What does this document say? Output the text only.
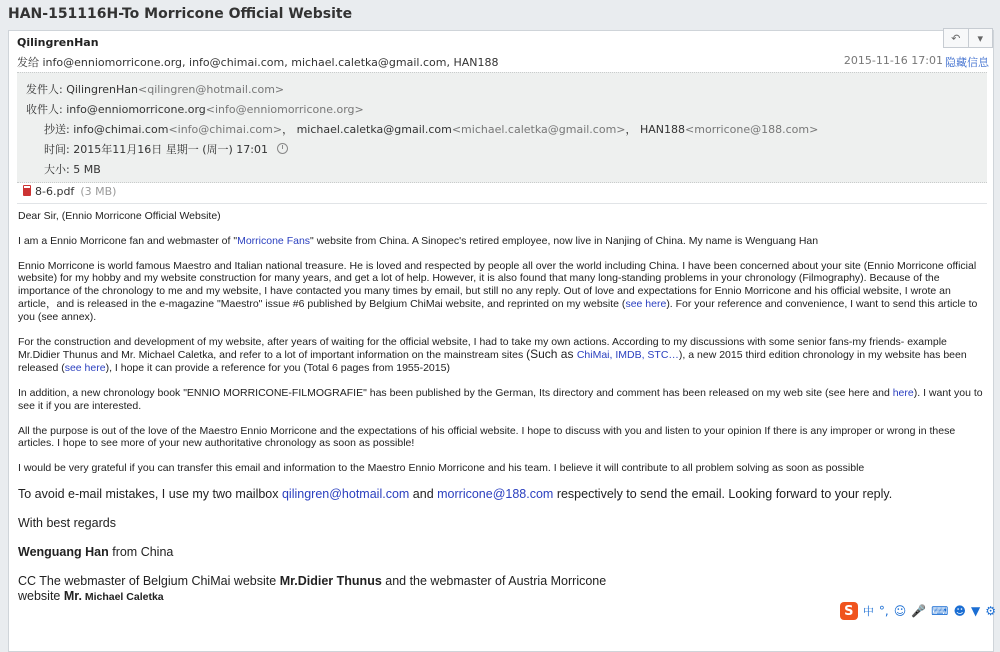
HAN-151116H-To Morricone Official Website
QilingrenHan
发给 info@enniomorricone.org, info@chimai.com, michael.caletka@gmail.com, HAN188	2015-11-16 17:01 隐藏信息
↶	▾
发件人: QilingrenHan<qilingren@hotmail.com>
收件人: info@enniomorricone.org<info@enniomorricone.org>
抄送: info@chimai.com<info@chimai.com>， michael.caletka@gmail.com<michael.caletka@gmail.com>， HAN188<morricone@188.com>
时间: 2015年11月16日 星期一 (周一) 17:01
大小: 5 MB
8-6.pdf (3 MB)

Dear Sir, (Ennio Morricone Official Website)

I am a Ennio Morricone fan and webmaster of "Morricone Fans" website from China. A Sinopec's retired employee, now live in Nanjing of China. My name is Wenguang Han

Ennio Morricone is world famous Maestro and Italian national treasure. He is loved and respected by people all over the world including China. I have been concerned about your site (Ennio Morricone official website) for my hobby and my website construction for many years, and get a lot of help. However, it is also found that many long-standing problems in your chronology (Filmography). Because of the importance of the chronology to me and my website, I have contacted you many times by email, but still no any reply. Out of love and expectations for Ennio Morricone and his official website, I wrote an article，and is released in the e-magazine "Maestro" issue #6 published by Belgium ChiMai website, and reprinted on my website (see here). For your reference and convenience, I want to send this article to you (see annex).

For the construction and development of my website, after years of waiting for the official website, I had to take my own actions. According to my discussions with some senior fans-my friends- example Mr.Didier Thunus and Mr. Michael Caletka, and refer to a lot of important information on the mainstream sites (Such as ChiMai, IMDB, STC…), a new 2015 third edition chronology in my website has been released (see here), I hope it can provide a reference for you (Total 6 pages from 1955-2015)

In addition, a new chronology book "ENNIO MORRICONE-FILMOGRAFIE" has been published by the German, Its directory and comment has been released on my web site (see here and here). I want you to see it if you are interested.

All the purpose is out of the love of the Maestro Ennio Morricone and the expectations of his official website. I hope to discuss with you and listen to your opinion If there is any improper or wrong in these articles. I hope to see more of your new authoritative chronology as soon as possible!

I would be very grateful if you can transfer this email and information to the Maestro Ennio Morricone and his team. I believe it will contribute to all problem solving as soon as possible

To avoid e-mail mistakes, I use my two mailbox qilingren@hotmail.com and morricone@188.com respectively to send the email. Looking forward to your reply.

With best regards

Wenguang Han from China

CC The webmaster of Belgium ChiMai website Mr.Didier Thunus and the webmaster of Austria Morricone
website Mr. Michael Caletka

S 中 °, ☺ 🎤 ⌨ ☻ ▼ ⚙
